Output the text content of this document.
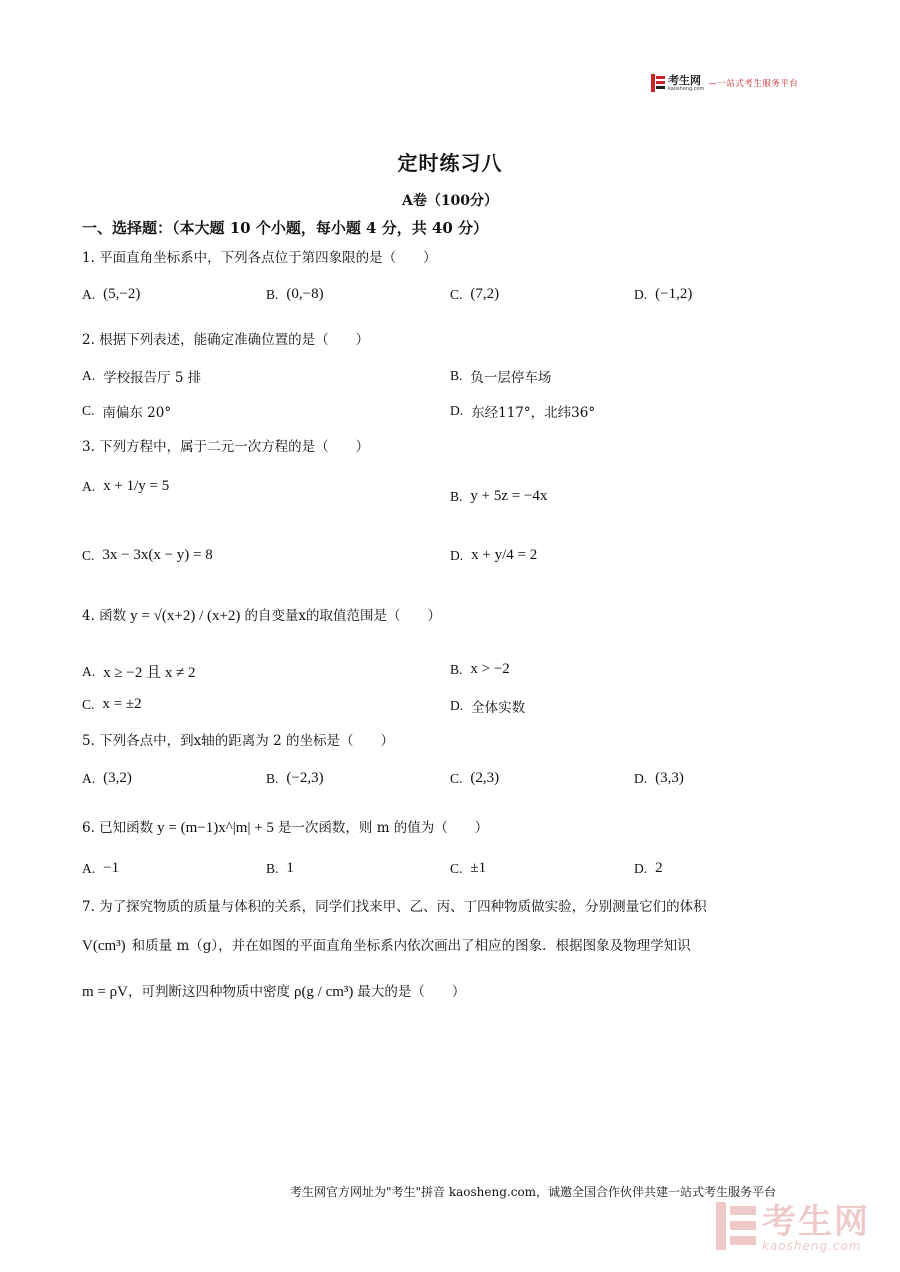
考生网
kaosheng.com —一站式考生服务平台
定时练习八
A卷（100分）
一、选择题：（本大题 10 个小题，每小题 4 分，共 40 分）
1. 平面直角坐标系中，下列各点位于第四象限的是（　　）
A. (5,−2)	B. (0,−8)	C. (7,2)	D. (−1,2)
2. 根据下列表述，能确定准确位置的是（　　）
A. 学校报告厅 5 排	B. 负一层停车场
C. 南偏东 20°	D. 东经117°，北纬36°
3. 下列方程中，属于二元一次方程的是（　　）
A. x + 1/y = 5
B. y + 5z = −4x
C. 3x − 3x(x − y) = 8	D. x + y/4 = 2
4. 函数 y = √(x+2) / (x+2) 的自变量x的取值范围是（　　）
A. x ≥ −2 且 x ≠ 2	B. x > −2
C. x = ±2	D. 全体实数
5. 下列各点中，到x轴的距离为 2 的坐标是（　　）
A. (3,2)	B. (−2,3)	C. (2,3)	D. (3,3)
6. 已知函数 y = (m−1)x^|m| + 5 是一次函数，则 m 的值为（　　）
A. −1	B. 1	C. ±1	D. 2
7. 为了探究物质的质量与体积的关系，同学们找来甲、乙、丙、丁四种物质做实验，分别测量它们的体积
V(cm³) 和质量 m（g），并在如图的平面直角坐标系内依次画出了相应的图象．根据图象及物理学知识
m = ρV ，可判断这四种物质中密度 ρ(g / cm³) 最大的是（　　）
考生网官方网址为"考生"拼音 kaosheng.com，诚邀全国合作伙伴共建一站式考生服务平台
考生网
kaosheng.com
